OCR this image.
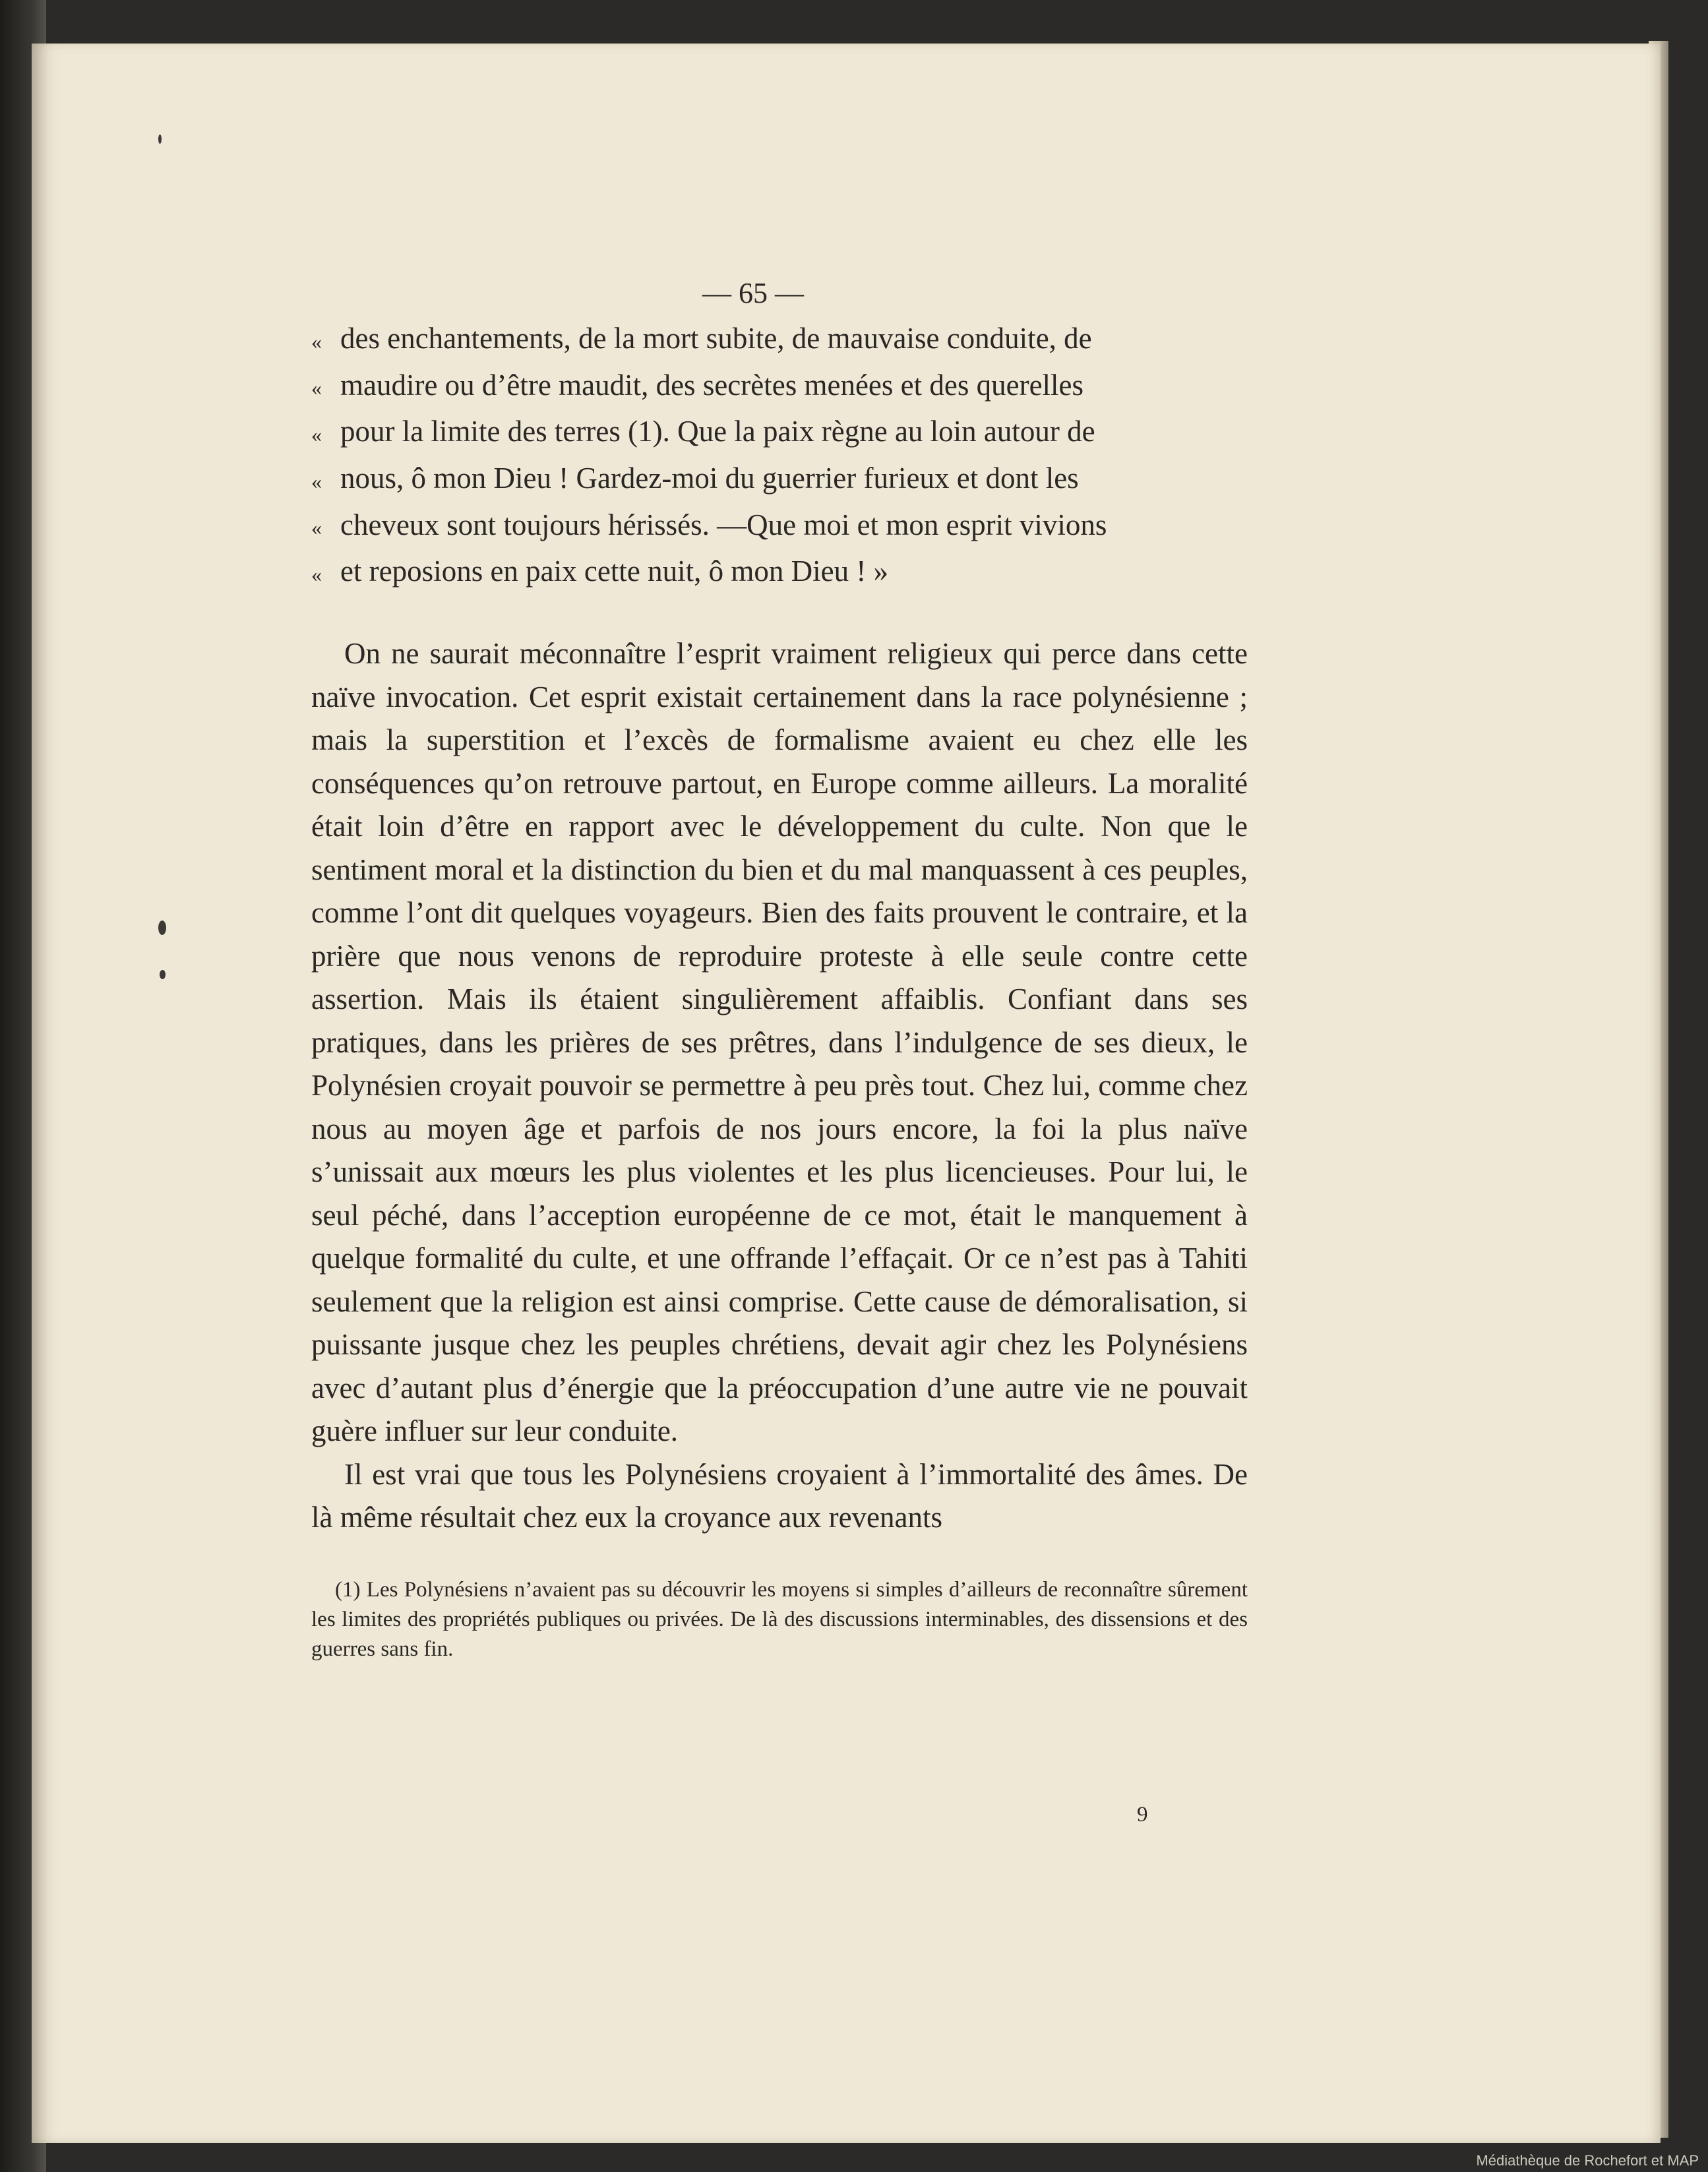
— 65 —

« des enchantements, de la mort subite, de mauvaise conduite, de

« maudire ou d’être maudit, des secrètes menées et des querelles

« pour la limite des terres (1). Que la paix règne au loin autour de

« nous, ô mon Dieu ! Gardez-moi du guerrier furieux et dont les

« cheveux sont toujours hérissés. —Que moi et mon esprit vivions

« et reposions en paix cette nuit, ô mon Dieu ! »

On ne saurait méconnaître l’esprit vraiment religieux qui perce dans cette naïve invocation. Cet esprit existait certainement dans la race polynésienne ; mais la superstition et l’excès de formalisme avaient eu chez elle les conséquences qu’on retrouve partout, en Europe comme ailleurs. La moralité était loin d’être en rapport avec le développement du culte. Non que le sentiment moral et la distinction du bien et du mal manquassent à ces peuples, comme l’ont dit quelques voyageurs. Bien des faits prouvent le contraire, et la prière que nous venons de reproduire proteste à elle seule contre cette assertion. Mais ils étaient singulièrement affaiblis. Confiant dans ses pratiques, dans les prières de ses prêtres, dans l’indulgence de ses dieux, le Polynésien croyait pouvoir se permettre à peu près tout. Chez lui, comme chez nous au moyen âge et parfois de nos jours encore, la foi la plus naïve s’unissait aux mœurs les plus violentes et les plus licencieuses. Pour lui, le seul péché, dans l’acception européenne de ce mot, était le manquement à quelque formalité du culte, et une offrande l’effaçait. Or ce n’est pas à Tahiti seulement que la religion est ainsi comprise. Cette cause de démoralisation, si puissante jusque chez les peuples chrétiens, devait agir chez les Polynésiens avec d’autant plus d’énergie que la préoccupation d’une autre vie ne pouvait guère influer sur leur conduite.

Il est vrai que tous les Polynésiens croyaient à l’immortalité des âmes. De là même résultait chez eux la croyance aux revenants

(1) Les Polynésiens n’avaient pas su découvrir les moyens si simples d’ailleurs de reconnaître sûrement les limites des propriétés publiques ou privées. De là des discussions interminables, des dissensions et des guerres sans fin.

9
Médiathèque de Rochefort et MAP
